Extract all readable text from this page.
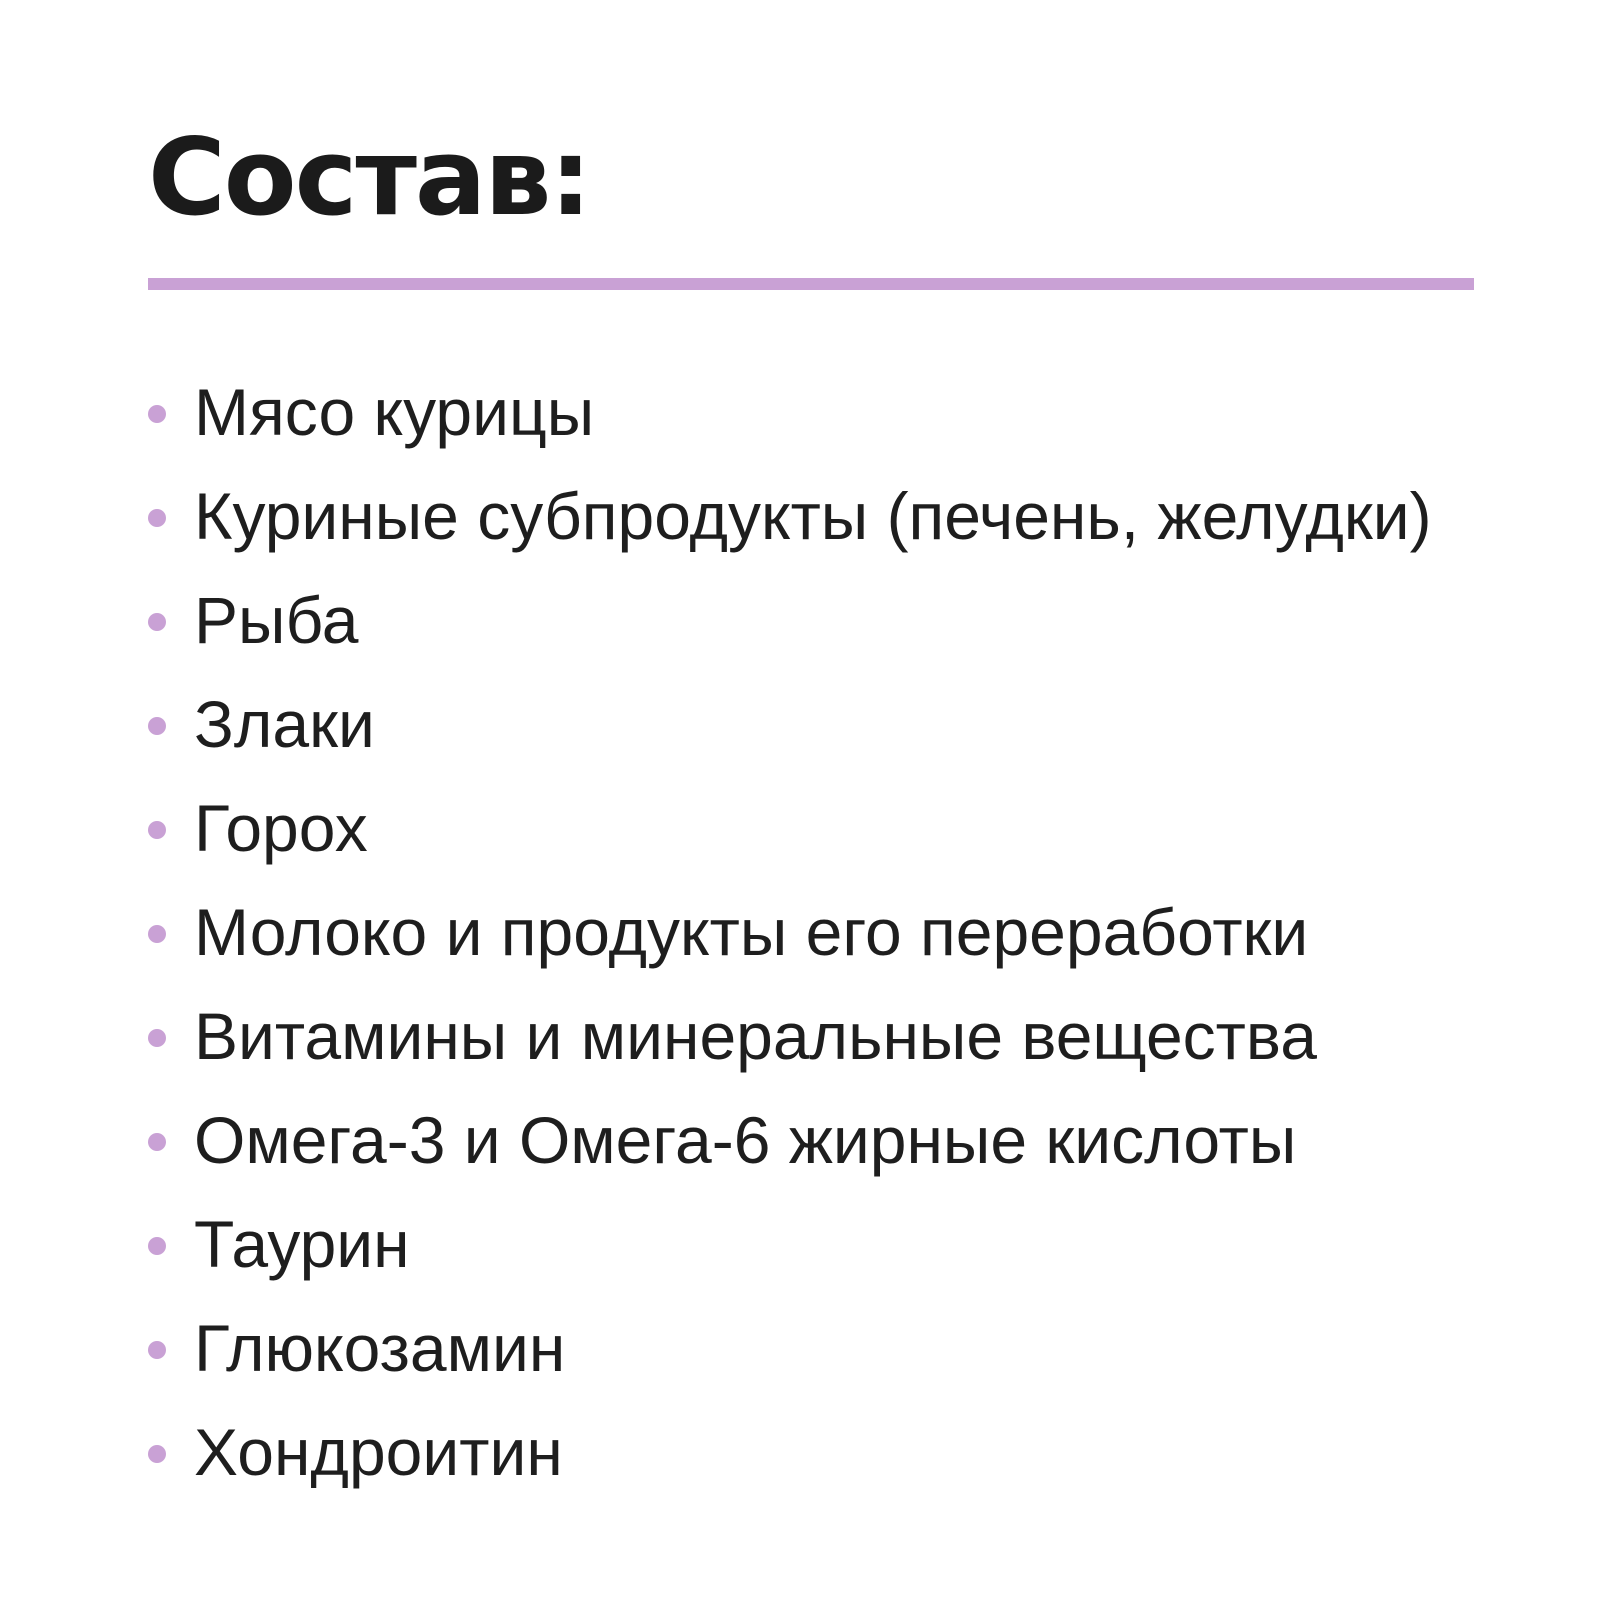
Состав:
Мясо курицы
Куриные субпродукты (печень, желудки)
Рыба
Злаки
Горох
Молоко и продукты его переработки
Витамины и минеральные вещества
Омега-3 и Омега-6 жирные кислоты
Таурин
Глюкозамин
Хондроитин
